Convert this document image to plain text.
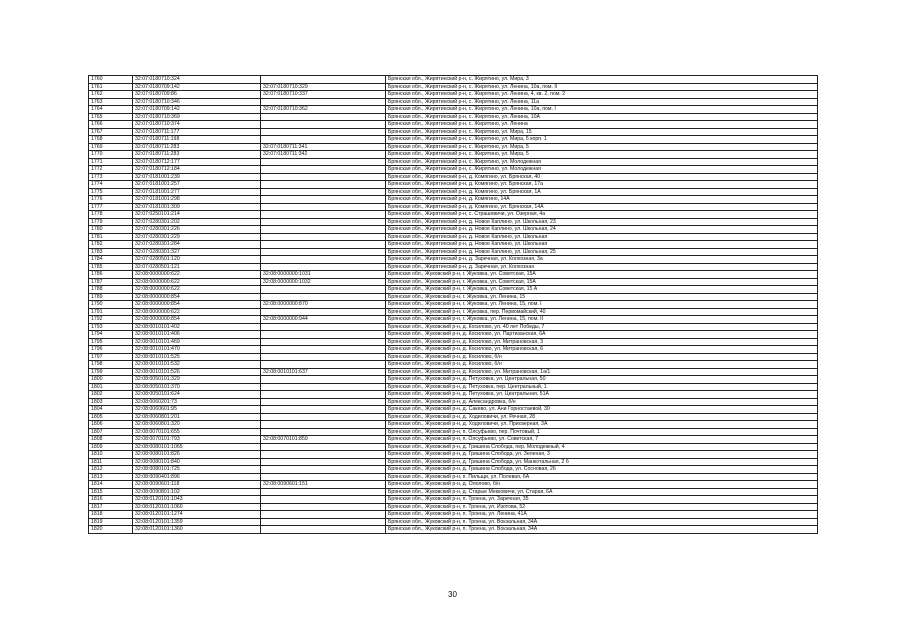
1760	32:07:0180710:324		Брянская обл., Жирятинский р-н, с. Жирятино, ул. Мира, 3
1761	32:07:0180709:142	32:07:0180710:329	Брянская обл., Жирятинский р-н, с. Жирятино, ул. Ленина, 10а, пом. II
1762	32:07:0180709:86	32:07:0180710:337	Брянская обл., Жирятинский р-н, с. Жирятино, ул. Ленина, 4, кв. 2, пом. 2
1763	32:07:0180710:346		Брянская обл., Жирятинский р-н, с. Жирятино, ул. Ленина, 11а
1764	32:07:0180709:142	32:07:0180710:362	Брянская обл., Жирятинский р-н, с. Жирятино, ул. Ленина, 10а, пом. I
1765	32:07:0180710:369		Брянская обл., Жирятинский р-н, с. Жирятино, ул. Ленина, 10А
1766	32:07:0180710:374		Брянская обл., Жирятинский р-н, с. Жирятино, ул. Ленина
1767	32:07:0180711:177		Брянская обл., Жирятинский р-н, с. Жирятино, ул. Мира, 15
1768	32:07:0180711:198		Брянская обл., Жирятинский р-н, с. Жирятино, ул. Мира, 5 корп. 1
1769	32:07:0180711:283	32:07:0180711:341	Брянская обл., Жирятинский р-н, с. Жирятино, ул. Мира, 5
1770	32:07:0180711:283	32:07:0180711:342	Брянская обл., Жирятинский р-н, с. Жирятино, ул. Мира, 5
1771	32:07:0180712:177		Брянская обл., Жирятинский р-н, с. Жирятино, ул. Молодежная
1772	32:07:0180712:184		Брянская обл., Жирятинский р-н, с. Жирятино, ул. Молодежная
1773	32:07:0181001:239		Брянская обл., Жирятинский р-н, д. Комягино, ул. Брянская, 40
1774	32:07:0181001:257		Брянская обл., Жирятинский р-н, д. Комягино, ул. Брянская, 17а
1775	32:07:0181001:277		Брянская обл., Жирятинский р-н, д. Комягино, ул. Брянская, 1А
1776	32:07:0181001:298		Брянская обл., Жирятинский р-н, д. Комягино, 14А
1777	32:07:0181001:309		Брянская обл., Жирятинский р-н, д. Комягино, ул. Брянская, 14А
1778	32:07:0250101:214		Брянская обл., Жирятинский р-н, с. Страшевичи, ул. Озерная, 4а
1779	32:07:0280301:202		Брянская обл., Жирятинский р-н, д. Новое Каплино, ул. Школьная, 23
1780	32:07:0280301:226		Брянская обл., Жирятинский р-н, д. Новое Каплино, ул. Школьная, 24
1781	32:07:0280301:229		Брянская обл., Жирятинский р-н, д. Новое Каплино, ул. Школьная
1782	32:07:0280301:284		Брянская обл., Жирятинский р-н, д. Новое Каплино, ул. Школьная
1783	32:07:0280301:327		Брянская обл., Жирятинский р-н, д. Новое Каплино, ул. Школьная, 25
1784	32:07:0280501:120		Брянская обл., Жирятинский р-н, д. Заречная, ул. Колхозная, 3а
1785	32:07:0280501:121		Брянская обл., Жирятинский р-н, д. Заречная, ул. Колхозная
1786	32:08:0000000:622	32:08:0000000:1031	Брянская обл., Жуковский р-н, г. Жуковка, ул. Советская, 15А
1787	32:08:0000000:622	32:08:0000000:1032	Брянская обл., Жуковский р-н, г. Жуковка, ул. Советская, 15А
1788	32:08:0000000:622		Брянская обл., Жуковский р-н, г. Жуковка, ул. Советская, 15 А
1789	32:08:0000000:854		Брянская обл., Жуковский р-н, г. Жуковка, ул. Ленина, 15
1790	32:08:0000000:854	32:08:0000000:870	Брянская обл., Жуковский р-н, г. Жуковка, ул. Ленина, 15, пом. I
1791	32:08:0000000:622		Брянская обл., Жуковский р-н, г. Жуковка, пер. Первомайский, 40
1792	32:08:0000000:854	32:08:0000000:944	Брянская обл., Жуковский р-н, г. Жуковка, ул. Ленина, 15, пом. II
1793	32:08:0010101:402		Брянская обл., Жуковский р-н, д. Косилово, ул. 40 лет Победы, 7
1794	32:08:0010101:406		Брянская обл., Жуковский р-н, д. Косилово, ул. Партизанская, 6А
1795	32:08:0010101:469		Брянская обл., Жуковский р-н, д. Косилово, ул. Митрановская, 3
1796	32:08:0010101:470		Брянская обл., Жуковский р-н, д. Косилово, ул. Митрановская, 6
1797	32:08:0010101:525		Брянская обл., Жуковский р-н, д. Косилово, б/н
1798	32:08:0010101:532		Брянская обл., Жуковский р-н, д. Косилово, б/н
1799	32:08:0010101:526	32:08:0010101:637	Брянская обл., Жуковский р-н, д. Косилово, ул. Митрановская, 1а/1
1800	32:08:0050101:329		Брянская обл., Жуковский р-н, д. Петуховка, ул. Центральная, 50
1801	32:08:0050101:370		Брянская обл., Жуковский р-н, д. Петуховка, пер. Центральный, 1
1802	32:08:0050101:624		Брянская обл., Жуковский р-н, д. Петуховка, ул. Центральная, 51А
1803	32:08:0060201:73		Брянская обл., Жуковский р-н, д. Александровка, б/н
1804	32:08:0060601:95		Брянская обл., Жуковский р-н, д. Сакево, ул. Ани Горностаевой, 30
1805	32:08:0060801:201		Брянская обл., Жуковский р-н, д. Ходиловичи, ул. Речная, 28
1806	32:08:0060801:320		Брянская обл., Жуковский р-н, д. Ходиловичи, ул. Приозерная, 3А
1807	32:08:0070101:655		Брянская обл., Жуковский р-н, п. Олсуфьево, пер. Почтовый, 1
1808	32:08:0070101:793	32:08:0070101:859	Брянская обл., Жуковский р-н, п. Олсуфьево, ул. Советская, 7
1809	32:08:0080101:1065		Брянская обл., Жуковский р-н, д. Гришина Слобода, пер. Молодежный, 4
1810	32:08:0080101:826		Брянская обл., Жуковский р-н, д. Гришина Слобода, ул. Зеленая, 3
1811	32:08:0080101:840		Брянская обл., Жуковский р-н, д. Гришина Слобода, ул. Манкотальная, 2 б
1812	32:08:0080101:725		Брянская обл., Жуковский р-н, д. Гришина Слобода, ул. Сосновая, 26
1813	32:08:0090401:896		Брянская обл., Жуковский р-н, п. Пильщи, ул. Полевая, 6А
1814	32:08:0090601:118	32:08:0090601:151	Брянская обл., Жуковский р-н, д. Ололово, б/н
1815	32:08:0090801:102		Брянская обл., Жуковский р-н, д. Старые Мекковичи, ул. Старая, 6А
1816	32:08:0120101:1043		Брянская обл., Жуковский р-н, п. Троена, ул. Заречная, 35
1817	32:08:0120101:1060		Брянская обл., Жуковский р-н, п. Троена, ул. Изотова, 52
1818	32:08:0120101:1274		Брянская обл., Жуковский р-н, п. Троена, ул. Ленина, 41А
1819	32:08:0120101:1359		Брянская обл., Жуковский р-н, п. Троена, ул. Вокзальная, 34А
1820	32:08:0120101:1360		Брянская обл., Жуковский р-н, п. Троена, ул. Вокзальная, 34А
30
